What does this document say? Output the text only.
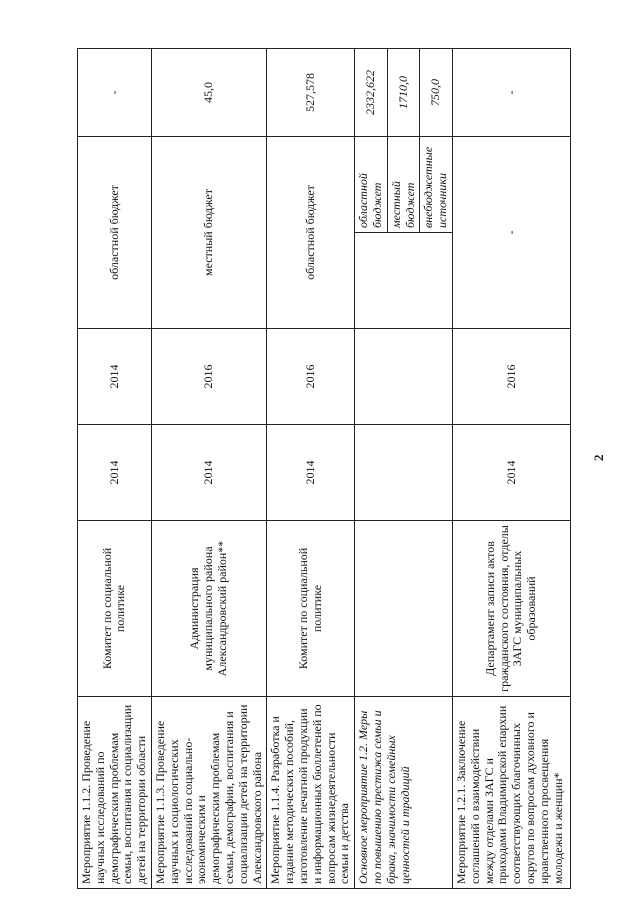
2
Мероприятие 1.1.2. Проведение научных исследований по демографическим проблемам семьи, воспитания и социализации детей на территории области	Комитет по социальной политике	2014	2014	областной бюджет		-
Мероприятие 1.1.3. Проведение научных и социологических исследований по социально-экономическим и демографическим проблемам семьи, демографии, воспитания и социализации детей на территории Александровского района	Администрация муниципального района Александровский район**	2014	2016	местный бюджет		45,0
Мероприятие 1.1.4. Разработка и издание методических пособий, изготовление печатной продукции и информационных бюллетеней по вопросам жизнедеятельности семьи и детства	Комитет по социальной политике	2014	2016	областной бюджет		527,578
Основное мероприятие 1.2. Меры по повышению престижа семьи и брака, значимости семейных ценностей и традиций					областной бюджет	2332,622
					местный бюджет	1710,0
					внебюджетные источники	750,0
Мероприятие 1.2.1. Заключение соглашений о взаимодействии между отделами ЗАГС и приходами Владимирской епархии соответствующих благочинных округов по вопросам духовного и нравственного просвещения молодежи и женщин*	Департамент записи актов гражданского состояния, отделы ЗАГС муниципальных образований	2014	2016	-		-
